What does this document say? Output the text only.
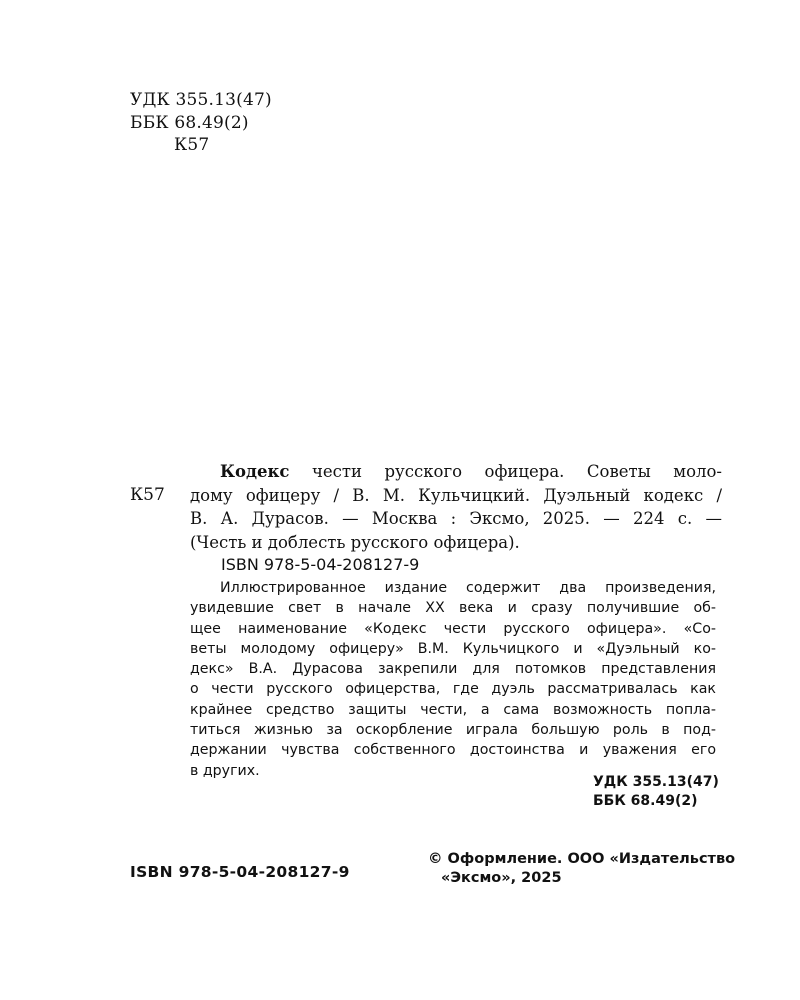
УДК 355.13(47)
ББК 68.49(2)
К57
К57
Кодекс чести русского офицера. Советы моло-
дому офицеру / В. М. Кульчицкий. Дуэльный кодекс /
В. А. Дурасов. — Москва : Эксмо, 2025. — 224 с. —
(Честь и доблесть русского офицера).
ISBN 978-5-04-208127-9
Иллюстрированное издание содержит два произведения,
увидевшие свет в начале XX века и сразу получившие об-
щее наименование «Кодекс чести русского офицера». «Со-
веты молодому офицеру» В.М. Кульчицкого и «Дуэльный ко-
декс» В.А. Дурасова закрепили для потомков представления
о чести русского офицерства, где дуэль рассматривалась как
крайнее средство защиты чести, а сама возможность попла-
титься жизнью за оскорбление играла большую роль в под-
держании чувства собственного достоинства и уважения его
в других.
УДК 355.13(47)
ББК 68.49(2)
ISBN 978-5-04-208127-9
© Оформление. ООО «Издательство
«Эксмо», 2025
